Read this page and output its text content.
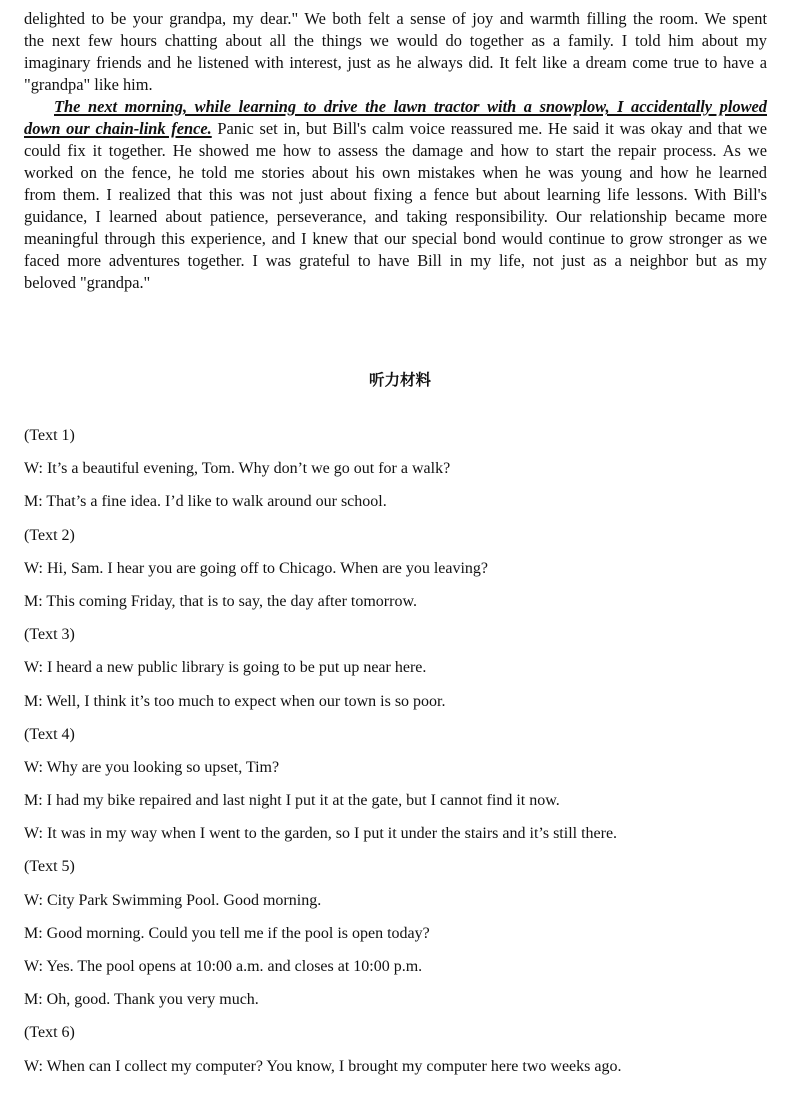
delighted to be your grandpa, my dear." We both felt a sense of joy and warmth filling the room. We spent
the next few hours chatting about all the things we would do together as a family. I told him about my
imaginary friends and he listened with interest, just as he always did. It felt like a dream come true to have a
"grandpa" like him.
The next morning, while learning to drive the lawn tractor with a snowplow, I accidentally plowed
down our chain-link fence. Panic set in, but Bill's calm voice reassured me. He said it was okay and that we
could fix it together. He showed me how to assess the damage and how to start the repair process. As we
worked on the fence, he told me stories about his own mistakes when he was young and how he learned
from them. I realized that this was not just about fixing a fence but about learning life lessons. With Bill's
guidance, I learned about patience, perseverance, and taking responsibility. Our relationship became more
meaningful through this experience, and I knew that our special bond would continue to grow stronger as we
faced more adventures together. I was grateful to have Bill in my life, not just as a neighbor but as my
beloved "grandpa."
听力材料
(Text 1)
W: It’s a beautiful evening, Tom. Why don’t we go out for a walk?
M: That’s a fine idea. I’d like to walk around our school.
(Text 2)
W: Hi, Sam. I hear you are going off to Chicago. When are you leaving?
M: This coming Friday, that is to say, the day after tomorrow.
(Text 3)
W: I heard a new public library is going to be put up near here.
M: Well, I think it’s too much to expect when our town is so poor.
(Text 4)
W: Why are you looking so upset, Tim?
M: I had my bike repaired and last night I put it at the gate, but I cannot find it now.
W: It was in my way when I went to the garden, so I put it under the stairs and it’s still there.
(Text 5)
W: City Park Swimming Pool. Good morning.
M: Good morning. Could you tell me if the pool is open today?
W: Yes. The pool opens at 10:00 a.m. and closes at 10:00 p.m.
M: Oh, good. Thank you very much.
(Text 6)
W: When can I collect my computer? You know, I brought my computer here two weeks ago.
